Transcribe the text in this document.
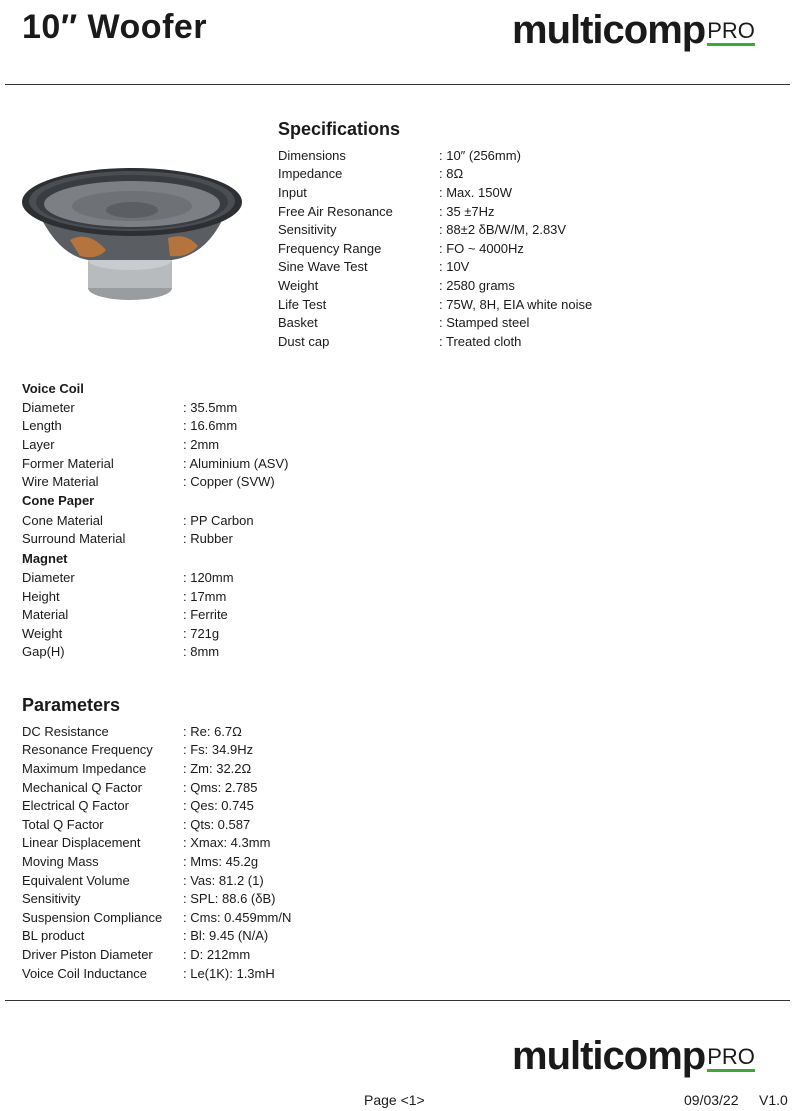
10″ Woofer	multicomp PRO
Specifications
Dimensions	: 10″ (256mm)
Impedance	: 8Ω
Input	: Max. 150W
Free Air Resonance	: 35 ±7Hz
Sensitivity	: 88±2 δB/W/M, 2.83V
Frequency Range	: FO ~ 4000Hz
Sine Wave Test	: 10V
Weight	: 2580 grams
Life Test	: 75W, 8H, EIA white noise
Basket	: Stamped steel
Dust cap	: Treated cloth
Voice Coil
Diameter	: 35.5mm
Length	: 16.6mm
Layer	: 2mm
Former Material	: Aluminium (ASV)
Wire Material	: Copper (SVW)
Cone Paper
Cone Material	: PP Carbon
Surround Material	: Rubber
Magnet
Diameter	: 120mm
Height	: 17mm
Material	: Ferrite
Weight	: 721g
Gap(H)	: 8mm
Parameters
DC Resistance	: Re: 6.7Ω
Resonance Frequency : Fs: 34.9Hz
Maximum Impedance	: Zm: 32.2Ω
Mechanical Q Factor	: Qms: 2.785
Electrical Q Factor	: Qes: 0.745
Total Q Factor	: Qts: 0.587
Linear Displacement	: Xmax: 4.3mm
Moving Mass	: Mms: 45.2g
Equivalent Volume	: Vas: 81.2 (1)
Sensitivity	: SPL: 88.6 (δB)
Suspension Compliance : Cms: 0.459mm/N
BL product	: Bl: 9.45 (N/A)
Driver Piston Diameter : D: 212mm
Voice Coil Inductance	: Le(1K): 1.3mH
multicomp PRO
Page <1>	09/03/22 V1.0
